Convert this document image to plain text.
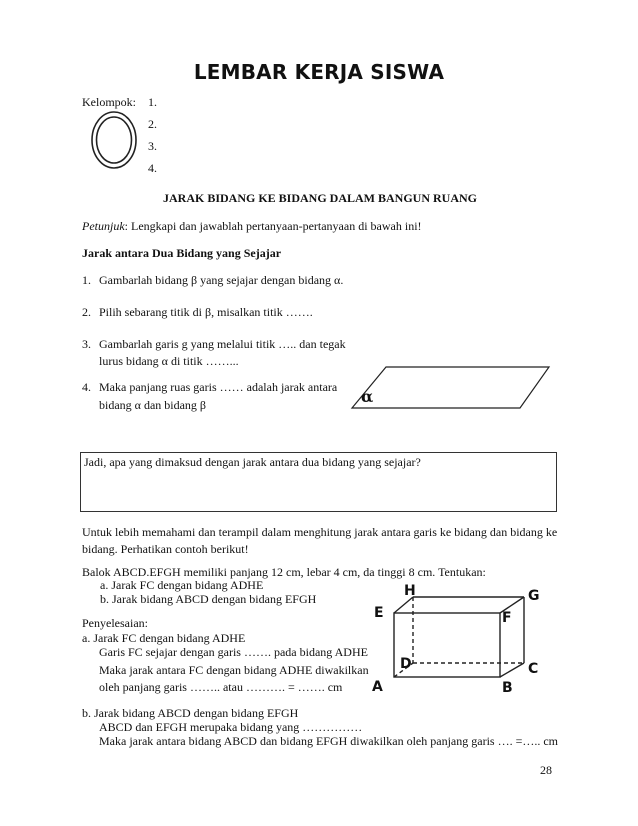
LEMBAR KERJA SISWA
Kelompok: 1.
2.
3.
4.
JARAK BIDANG KE BIDANG DALAM BANGUN RUANG
Petunjuk: Lengkapi dan jawablah pertanyaan-pertanyaan di bawah ini!
Jarak antara Dua Bidang yang Sejajar
1. Gambarlah bidang β yang sejajar dengan bidang α.
2. Pilih sebarang titik di β, misalkan titik …….
3. Gambarlah garis g yang melalui titik ….. dan tegak
lurus bidang α di titik ……...
4. Maka panjang ruas garis …… adalah jarak antara
bidang α dan bidang β	α
Jadi, apa yang dimaksud dengan jarak antara dua bidang yang sejajar?
Untuk lebih memahami dan terampil dalam menghitung jarak antara garis ke bidang dan bidang ke
bidang. Perhatikan contoh berikut!
Balok ABCD.EFGH memiliki panjang 12 cm, lebar 4 cm, da tinggi 8 cm. Tentukan:
a. Jarak FC dengan bidang ADHE
b. Jarak bidang ABCD dengan bidang EFGH
Penyelesaian:
a. Jarak FC dengan bidang ADHE
Garis FC sejajar dengan garis ……. pada bidang ADHE
Maka jarak antara FC dengan bidang ADHE diwakilkan
oleh panjang garis …….. atau ………. = ……. cm
b. Jarak bidang ABCD dengan bidang EFGH
ABCD dan EFGH merupaka bidang yang ……………
Maka jarak antara bidang ABCD dan bidang EFGH diwakilkan oleh panjang garis …. =….. cm
H	G
E	F
D	C
A	B
28
